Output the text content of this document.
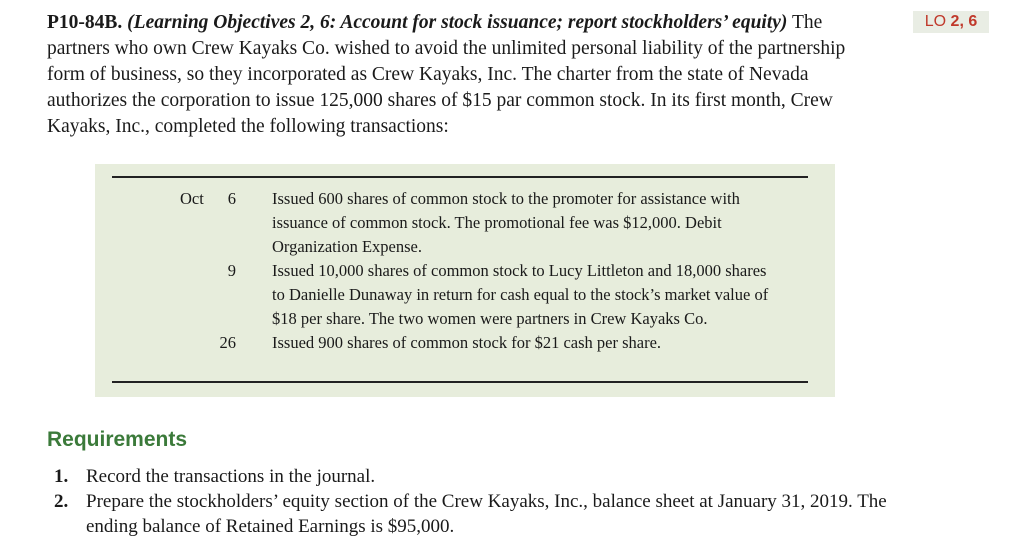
P10-84B. (Learning Objectives 2, 6: Account for stock issuance; report stockholders’ equity) The partners who own Crew Kayaks Co. wished to avoid the unlimited personal liability of the partnership form of business, so they incorporated as Crew Kayaks, Inc. The charter from the state of Nevada authorizes the corporation to issue 125,000 shares of $15 par common stock. In its first month, Crew Kayaks, Inc., completed the following transactions:
LO 2, 6
Oct	6 Issued 600 shares of common stock to the promoter for assistance with issuance of common stock. The promotional fee was $12,000. Debit Organization Expense.
9 Issued 10,000 shares of common stock to Lucy Littleton and 18,000 shares to Danielle Dunaway in return for cash equal to the stock’s market value of $18 per share. The two women were partners in Crew Kayaks Co.
26 Issued 900 shares of common stock for $21 cash per share.
Requirements
1. Record the transactions in the journal.
2. Prepare the stockholders’ equity section of the Crew Kayaks, Inc., balance sheet at January 31, 2019. The ending balance of Retained Earnings is $95,000.
